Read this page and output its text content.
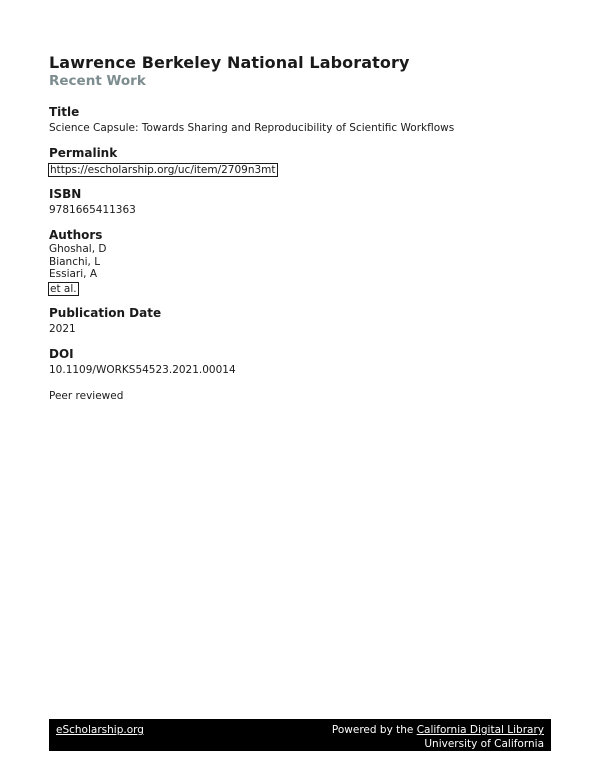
Lawrence Berkeley National Laboratory
Recent Work
Title
Science Capsule: Towards Sharing and Reproducibility of Scientific Workflows
Permalink
https://escholarship.org/uc/item/2709n3mt
ISBN
9781665411363
Authors
Ghoshal, D
Bianchi, L
Essiari, A
et al.
Publication Date
2021
DOI
10.1109/WORKS54523.2021.00014
Peer reviewed
eScholarship.org	Powered by the California Digital Library
University of California
